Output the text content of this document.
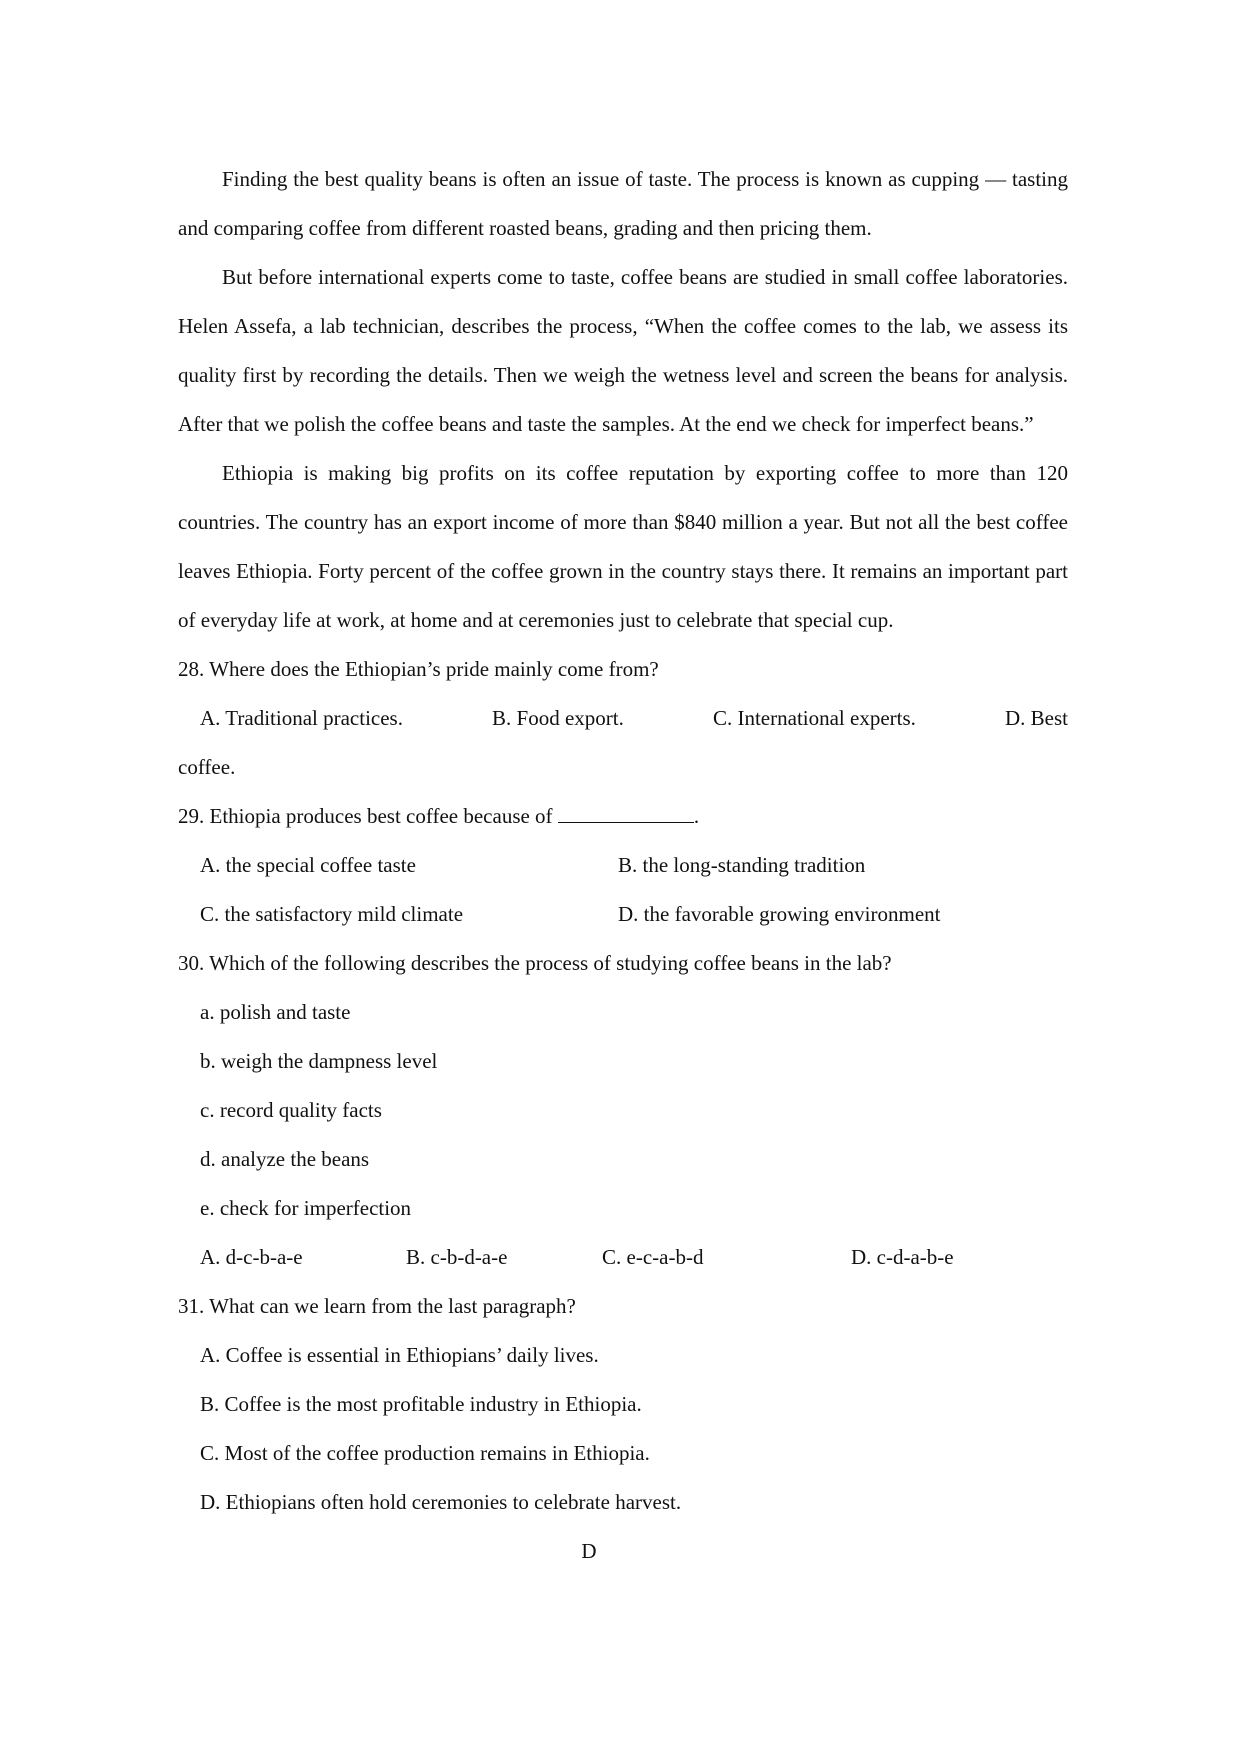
Finding the best quality beans is often an issue of taste. The process is known as cupping — tasting and comparing coffee from different roasted beans, grading and then pricing them.

But before international experts come to taste, coffee beans are studied in small coffee laboratories. Helen Assefa, a lab technician, describes the process, “When the coffee comes to the lab, we assess its quality first by recording the details. Then we weigh the wetness level and screen the beans for analysis. After that we polish the coffee beans and taste the samples. At the end we check for imperfect beans.”

Ethiopia is making big profits on its coffee reputation by exporting coffee to more than 120 countries. The country has an export income of more than $840 million a year. But not all the best coffee leaves Ethiopia. Forty percent of the coffee grown in the country stays there. It remains an important part of everyday life at work, at home and at ceremonies just to celebrate that special cup.

28. Where does the Ethiopian’s pride mainly come from?

A. Traditional practices.	B. Food export.	C. International experts.	D. Best

coffee.

29. Ethiopia produces best coffee because of	.

A. the special coffee taste	B. the long-standing tradition
C. the satisfactory mild climate	D. the favorable growing environment

30. Which of the following describes the process of studying coffee beans in the lab?

a. polish and taste

b. weigh the dampness level

c. record quality facts

d. analyze the beans

e. check for imperfection

A. d-c-b-a-e	B. c-b-d-a-e	C. e-c-a-b-d	D. c-d-a-b-e

31. What can we learn from the last paragraph?

A. Coffee is essential in Ethiopians’ daily lives.

B. Coffee is the most profitable industry in Ethiopia.

C. Most of the coffee production remains in Ethiopia.

D. Ethiopians often hold ceremonies to celebrate harvest.

D
